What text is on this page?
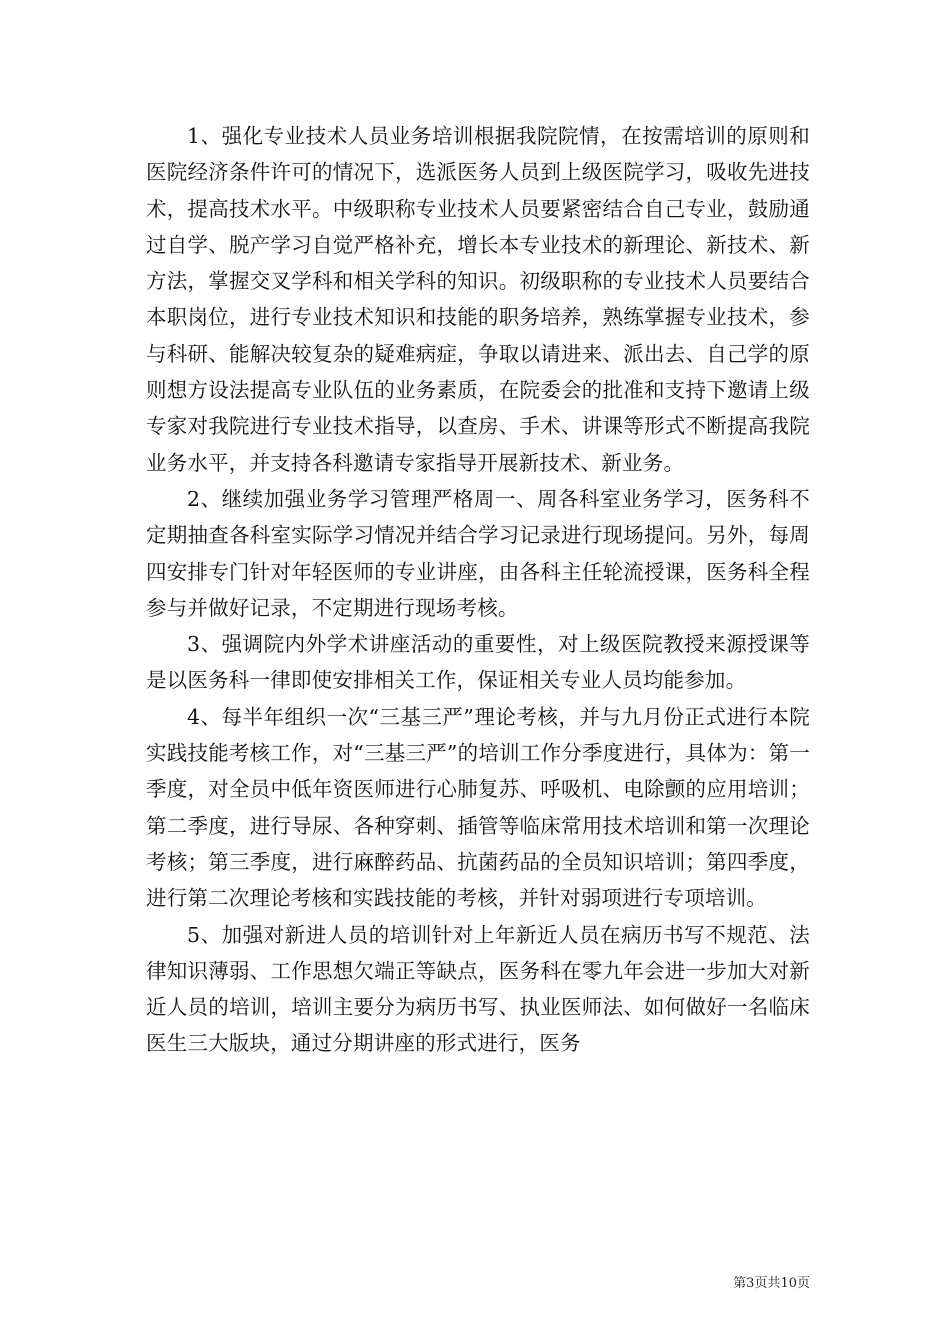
1、强化专业技术人员业务培训根据我院院情，在按需培训的原则和医院经济条件许可的情况下，选派医务人员到上级医院学习，吸收先进技术，提高技术水平。中级职称专业技术人员要紧密结合自己专业，鼓励通过自学、脱产学习自觉严格补充，增长本专业技术的新理论、新技术、新方法，掌握交叉学科和相关学科的知识。初级职称的专业技术人员要结合本职岗位，进行专业技术知识和技能的职务培养，熟练掌握专业技术，参与科研、能解决较复杂的疑难病症，争取以请进来、派出去、自己学的原则想方设法提高专业队伍的业务素质，在院委会的批准和支持下邀请上级专家对我院进行专业技术指导，以查房、手术、讲课等形式不断提高我院业务水平，并支持各科邀请专家指导开展新技术、新业务。

2、继续加强业务学习管理严格周一、周各科室业务学习，医务科不定期抽查各科室实际学习情况并结合学习记录进行现场提问。另外，每周四安排专门针对年轻医师的专业讲座，由各科主任轮流授课，医务科全程参与并做好记录，不定期进行现场考核。

3、强调院内外学术讲座活动的重要性，对上级医院教授来源授课等是以医务科一律即使安排相关工作，保证相关专业人员均能参加。

4、每半年组织一次“三基三严”理论考核，并与九月份正式进行本院实践技能考核工作，对“三基三严”的培训工作分季度进行，具体为：第一季度，对全员中低年资医师进行心肺复苏、呼吸机、电除颤的应用培训；第二季度，进行导尿、各种穿刺、插管等临床常用技术培训和第一次理论考核；第三季度，进行麻醉药品、抗菌药品的全员知识培训；第四季度，进行第二次理论考核和实践技能的考核，并针对弱项进行专项培训。

5、加强对新进人员的培训针对上年新近人员在病历书写不规范、法律知识薄弱、工作思想欠端正等缺点，医务科在零九年会进一步加大对新近人员的培训，培训主要分为病历书写、执业医师法、如何做好一名临床医生三大版块，通过分期讲座的形式进行，医务

第3页共10页
